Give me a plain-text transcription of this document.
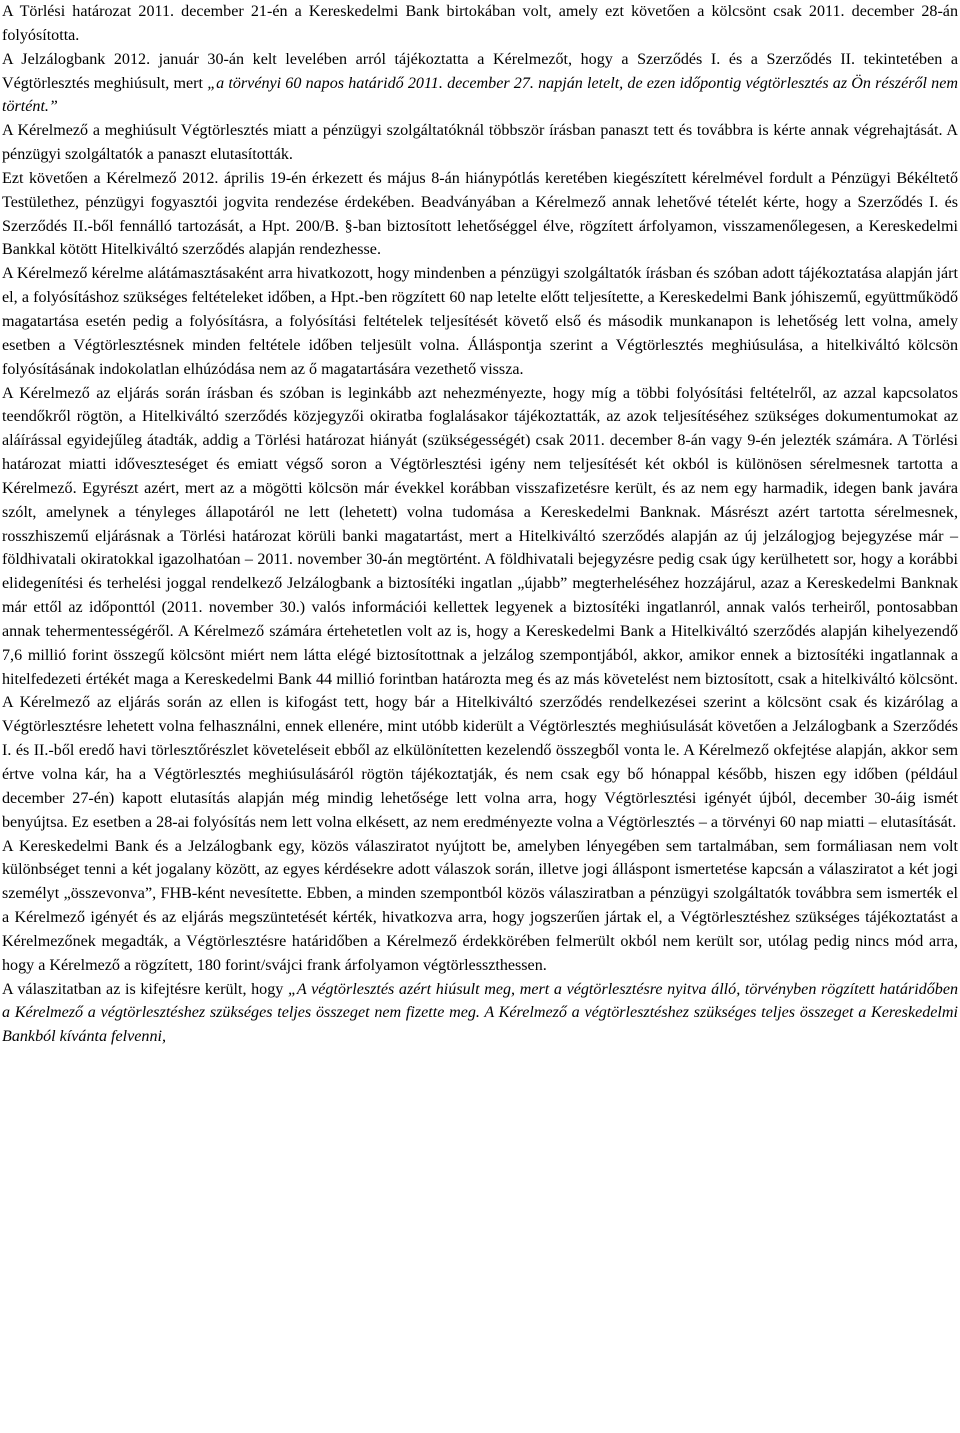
A Törlési határozat 2011. december 21-én a Kereskedelmi Bank birtokában volt, amely ezt követően a kölcsönt csak 2011. december 28-án folyósította.

A Jelzálogbank 2012. január 30-án kelt levelében arról tájékoztatta a Kérelmezőt, hogy a Szerződés I. és a Szerződés II. tekintetében a Végtörlesztés meghiúsult, mert „a törvényi 60 napos határidő 2011. december 27. napján letelt, de ezen időpontig végtörlesztés az Ön részéről nem történt.”

A Kérelmező a meghiúsult Végtörlesztés miatt a pénzügyi szolgáltatóknál többször írásban panaszt tett és továbbra is kérte annak végrehajtását. A pénzügyi szolgáltatók a panaszt elutasították.

Ezt követően a Kérelmező 2012. április 19-én érkezett és május 8-án hiánypótlás keretében kiegészített kérelmével fordult a Pénzügyi Békéltető Testülethez, pénzügyi fogyasztói jogvita rendezése érdekében. Beadványában a Kérelmező annak lehetővé tételét kérte, hogy a Szerződés I. és Szerződés II.-ből fennálló tartozását, a Hpt. 200/B. §-ban biztosított lehetőséggel élve, rögzített árfolyamon, visszamenőlegesen, a Kereskedelmi Bankkal kötött Hitelkiváltó szerződés alapján rendezhesse.

A Kérelmező kérelme alátámasztásaként arra hivatkozott, hogy mindenben a pénzügyi szolgáltatók írásban és szóban adott tájékoztatása alapján járt el, a folyósításhoz szükséges feltételeket időben, a Hpt.-ben rögzített 60 nap letelte előtt teljesítette, a Kereskedelmi Bank jóhiszemű, együttműködő magatartása esetén pedig a folyósításra, a folyósítási feltételek teljesítését követő első és második munkanapon is lehetőség lett volna, amely esetben a Végtörlesztésnek minden feltétele időben teljesült volna. Álláspontja szerint a Végtörlesztés meghiúsulása, a hitelkiváltó kölcsön folyósításának indokolatlan elhúzódása nem az ő magatartására vezethető vissza.

A Kérelmező az eljárás során írásban és szóban is leginkább azt nehezményezte, hogy míg a többi folyósítási feltételről, az azzal kapcsolatos teendőkről rögtön, a Hitelkiváltó szerződés közjegyzői okiratba foglalásakor tájékoztatták, az azok teljesítéséhez szükséges dokumentumokat az aláírással egyidejűleg átadták, addig a Törlési határozat hiányát (szükségességét) csak 2011. december 8-án vagy 9-én jelezték számára. A Törlési határozat miatti időveszteséget és emiatt végső soron a Végtörlesztési igény nem teljesítését két okból is különösen sérelmesnek tartotta a Kérelmező. Egyrészt azért, mert az a mögötti kölcsön már évekkel korábban visszafizetésre került, és az nem egy harmadik, idegen bank javára szólt, amelynek a tényleges állapotáról ne lett (lehetett) volna tudomása a Kereskedelmi Banknak. Másrészt azért tartotta sérelmesnek, rosszhiszemű eljárásnak a Törlési határozat körüli banki magatartást, mert a Hitelkiváltó szerződés alapján az új jelzálogjog bejegyzése már – földhivatali okiratokkal igazolhatóan – 2011. november 30-án megtörtént. A földhivatali bejegyzésre pedig csak úgy kerülhetett sor, hogy a korábbi elidegenítési és terhelési joggal rendelkező Jelzálogbank a biztosítéki ingatlan „újabb” megterheléséhez hozzájárul, azaz a Kereskedelmi Banknak már ettől az időponttól (2011. november 30.) valós információi kellettek legyenek a biztosítéki ingatlanról, annak valós terheiről, pontosabban annak tehermentességéről. A Kérelmező számára értehetetlen volt az is, hogy a Kereskedelmi Bank a Hitelkiváltó szerződés alapján kihelyezendő 7,6 millió forint összegű kölcsönt miért nem látta elégé biztosítottnak a jelzálog szempontjából, akkor, amikor ennek a biztosítéki ingatlannak a hitelfedezeti értékét maga a Kereskedelmi Bank 44 millió forintban határozta meg és az más követelést nem biztosított, csak a hitelkiváltó kölcsönt. A Kérelmező az eljárás során az ellen is kifogást tett, hogy bár a Hitelkiváltó szerződés rendelkezései szerint a kölcsönt csak és kizárólag a Végtörlesztésre lehetett volna felhasználni, ennek ellenére, mint utóbb kiderült a Végtörlesztés meghiúsulását követően a Jelzálogbank a Szerződés I. és II.-ből eredő havi törlesztőrészlet követeléseit ebből az elkülönítetten kezelendő összegből vonta le. A Kérelmező okfejtése alapján, akkor sem értve volna kár, ha a Végtörlesztés meghiúsulásáról rögtön tájékoztatják, és nem csak egy bő hónappal később, hiszen egy időben (például december 27-én) kapott elutasítás alapján még mindig lehetősége lett volna arra, hogy Végtörlesztési igényét újból, december 30-áig ismét benyújtsa. Ez esetben a 28-ai folyósítás nem lett volna elkésett, az nem eredményezte volna a Végtörlesztés – a törvényi 60 nap miatti – elutasítását.

A Kereskedelmi Bank és a Jelzálogbank egy, közös válasziratot nyújtott be, amelyben lényegében sem tartalmában, sem formáliasan nem volt különbséget tenni a két jogalany között, az egyes kérdésekre adott válaszok során, illetve jogi álláspont ismertetése kapcsán a válasziratot a két jogi személyt „összevonva”, FHB-ként nevesítette. Ebben, a minden szempontból közös válasziratban a pénzügyi szolgáltatók továbbra sem ismerték el a Kérelmező igényét és az eljárás megszüntetését kérték, hivatkozva arra, hogy jogszerűen jártak el, a Végtörlesztéshez szükséges tájékoztatást a Kérelmezőnek megadták, a Végtörlesztésre határidőben a Kérelmező érdekkörében felmerült okból nem került sor, utólag pedig nincs mód arra, hogy a Kérelmező a rögzített, 180 forint/svájci frank árfolyamon végtörlesszthessen.

A válaszitatban az is kifejtésre került, hogy „A végtörlesztés azért hiúsult meg, mert a végtörlesztésre nyitva álló, törvényben rögzített határidőben a Kérelmező a végtörlesztéshez szükséges teljes összeget nem fizette meg. A Kérelmező a végtörlesztéshez szükséges teljes összeget a Kereskedelmi Bankból kívánta felvenni,
